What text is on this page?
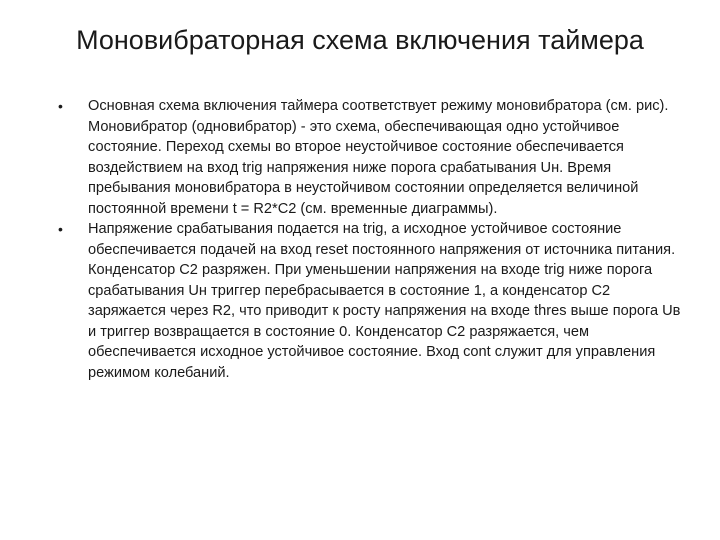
Моновибраторная схема включения таймера
• Основная схема включения таймера соответствует режиму моновибратора (см. рис). Моновибратор (одновибратор) - это схема, обеспечивающая одно устойчивое состояние. Переход схемы во второе неустойчивое состояние обеспечивается воздействием на вход trig напряжения ниже порога срабатывания Uн. Время пребывания моновибратора в неустойчивом состоянии определяется величиной постоянной времени t = R2*C2 (см. временные диаграммы).
• Напряжение срабатывания подается на trig, а исходное устойчивое состояние обеспечивается подачей на вход reset постоянного напряжения от источника питания. Конденсатор C2 разряжен. При уменьшении напряжения на входе trig ниже порога срабатывания Uн триггер перебрасывается в состояние 1, а конденсатор C2 заряжается через R2, что приводит к росту напряжения на входе thres выше порога Uв и триггер возвращается в состояние 0. Конденсатор C2 разряжается, чем обеспечивается исходное устойчивое состояние. Вход cont служит для управления режимом колебаний.
